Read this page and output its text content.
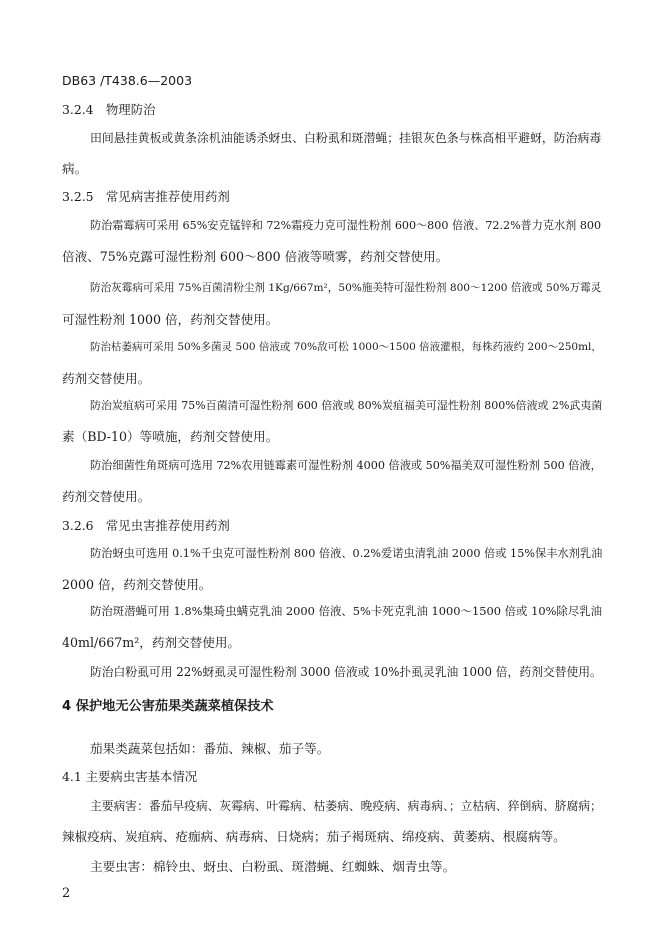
DB63 /T438.6—2003
3.2.4　物理防治
田间悬挂黄板或黄条涂机油能诱杀蚜虫、白粉虱和斑潜蝇；挂银灰色条与株高相平避蚜，防治病毒
病。
3.2.5　常见病害推荐使用药剂
防治霜霉病可采用 65%安克锰锌和 72%霜疫力克可湿性粉剂 600～800 倍液、72.2%普力克水剂 800
倍液、75%克露可湿性粉剂 600～800 倍液等喷雾，药剂交替使用。
防治灰霉病可采用 75%百菌清粉尘剂 1Kg/667m²，50%施美特可湿性粉剂 800～1200 倍液或 50%万霉灵
可湿性粉剂 1000 倍，药剂交替使用。
防治枯萎病可采用 50%多菌灵 500 倍液或 70%敌可松 1000～1500 倍液灌根，每株药液约 200～250ml，
药剂交替使用。
防治炭疽病可采用 75%百菌清可湿性粉剂 600 倍液或 80%炭疽福美可湿性粉剂 800%倍液或 2%武夷菌
素（BD-10）等喷施，药剂交替使用。
防治细菌性角斑病可选用 72%农用链霉素可湿性粉剂 4000 倍液或 50%福美双可湿性粉剂 500 倍液，
药剂交替使用。
3.2.6　常见虫害推荐使用药剂
防治蚜虫可选用 0.1%千虫克可湿性粉剂 800 倍液、0.2%爱诺虫清乳油 2000 倍或 15%保丰水剂乳油
2000 倍，药剂交替使用。
防治斑潜蝇可用 1.8%集琦虫螨克乳油 2000 倍液、5%卡死克乳油 1000～1500 倍或 10%除尽乳油
40ml/667m²，药剂交替使用。
防治白粉虱可用 22%蚜虱灵可湿性粉剂 3000 倍液或 10%扑虱灵乳油 1000 倍，药剂交替使用。
4 保护地无公害茄果类蔬菜植保技术
茄果类蔬菜包括如：番茄、辣椒、茄子等。
4.1 主要病虫害基本情况
主要病害：番茄早疫病、灰霉病、叶霉病、枯萎病、晚疫病、病毒病、；立枯病、猝倒病、脐腐病；
辣椒疫病、炭疽病、疮痂病、病毒病、日烧病；茄子褐斑病、绵疫病、黄萎病、根腐病等。
主要虫害：棉铃虫、蚜虫、白粉虱、斑潜蝇、红蜘蛛、烟青虫等。
2
